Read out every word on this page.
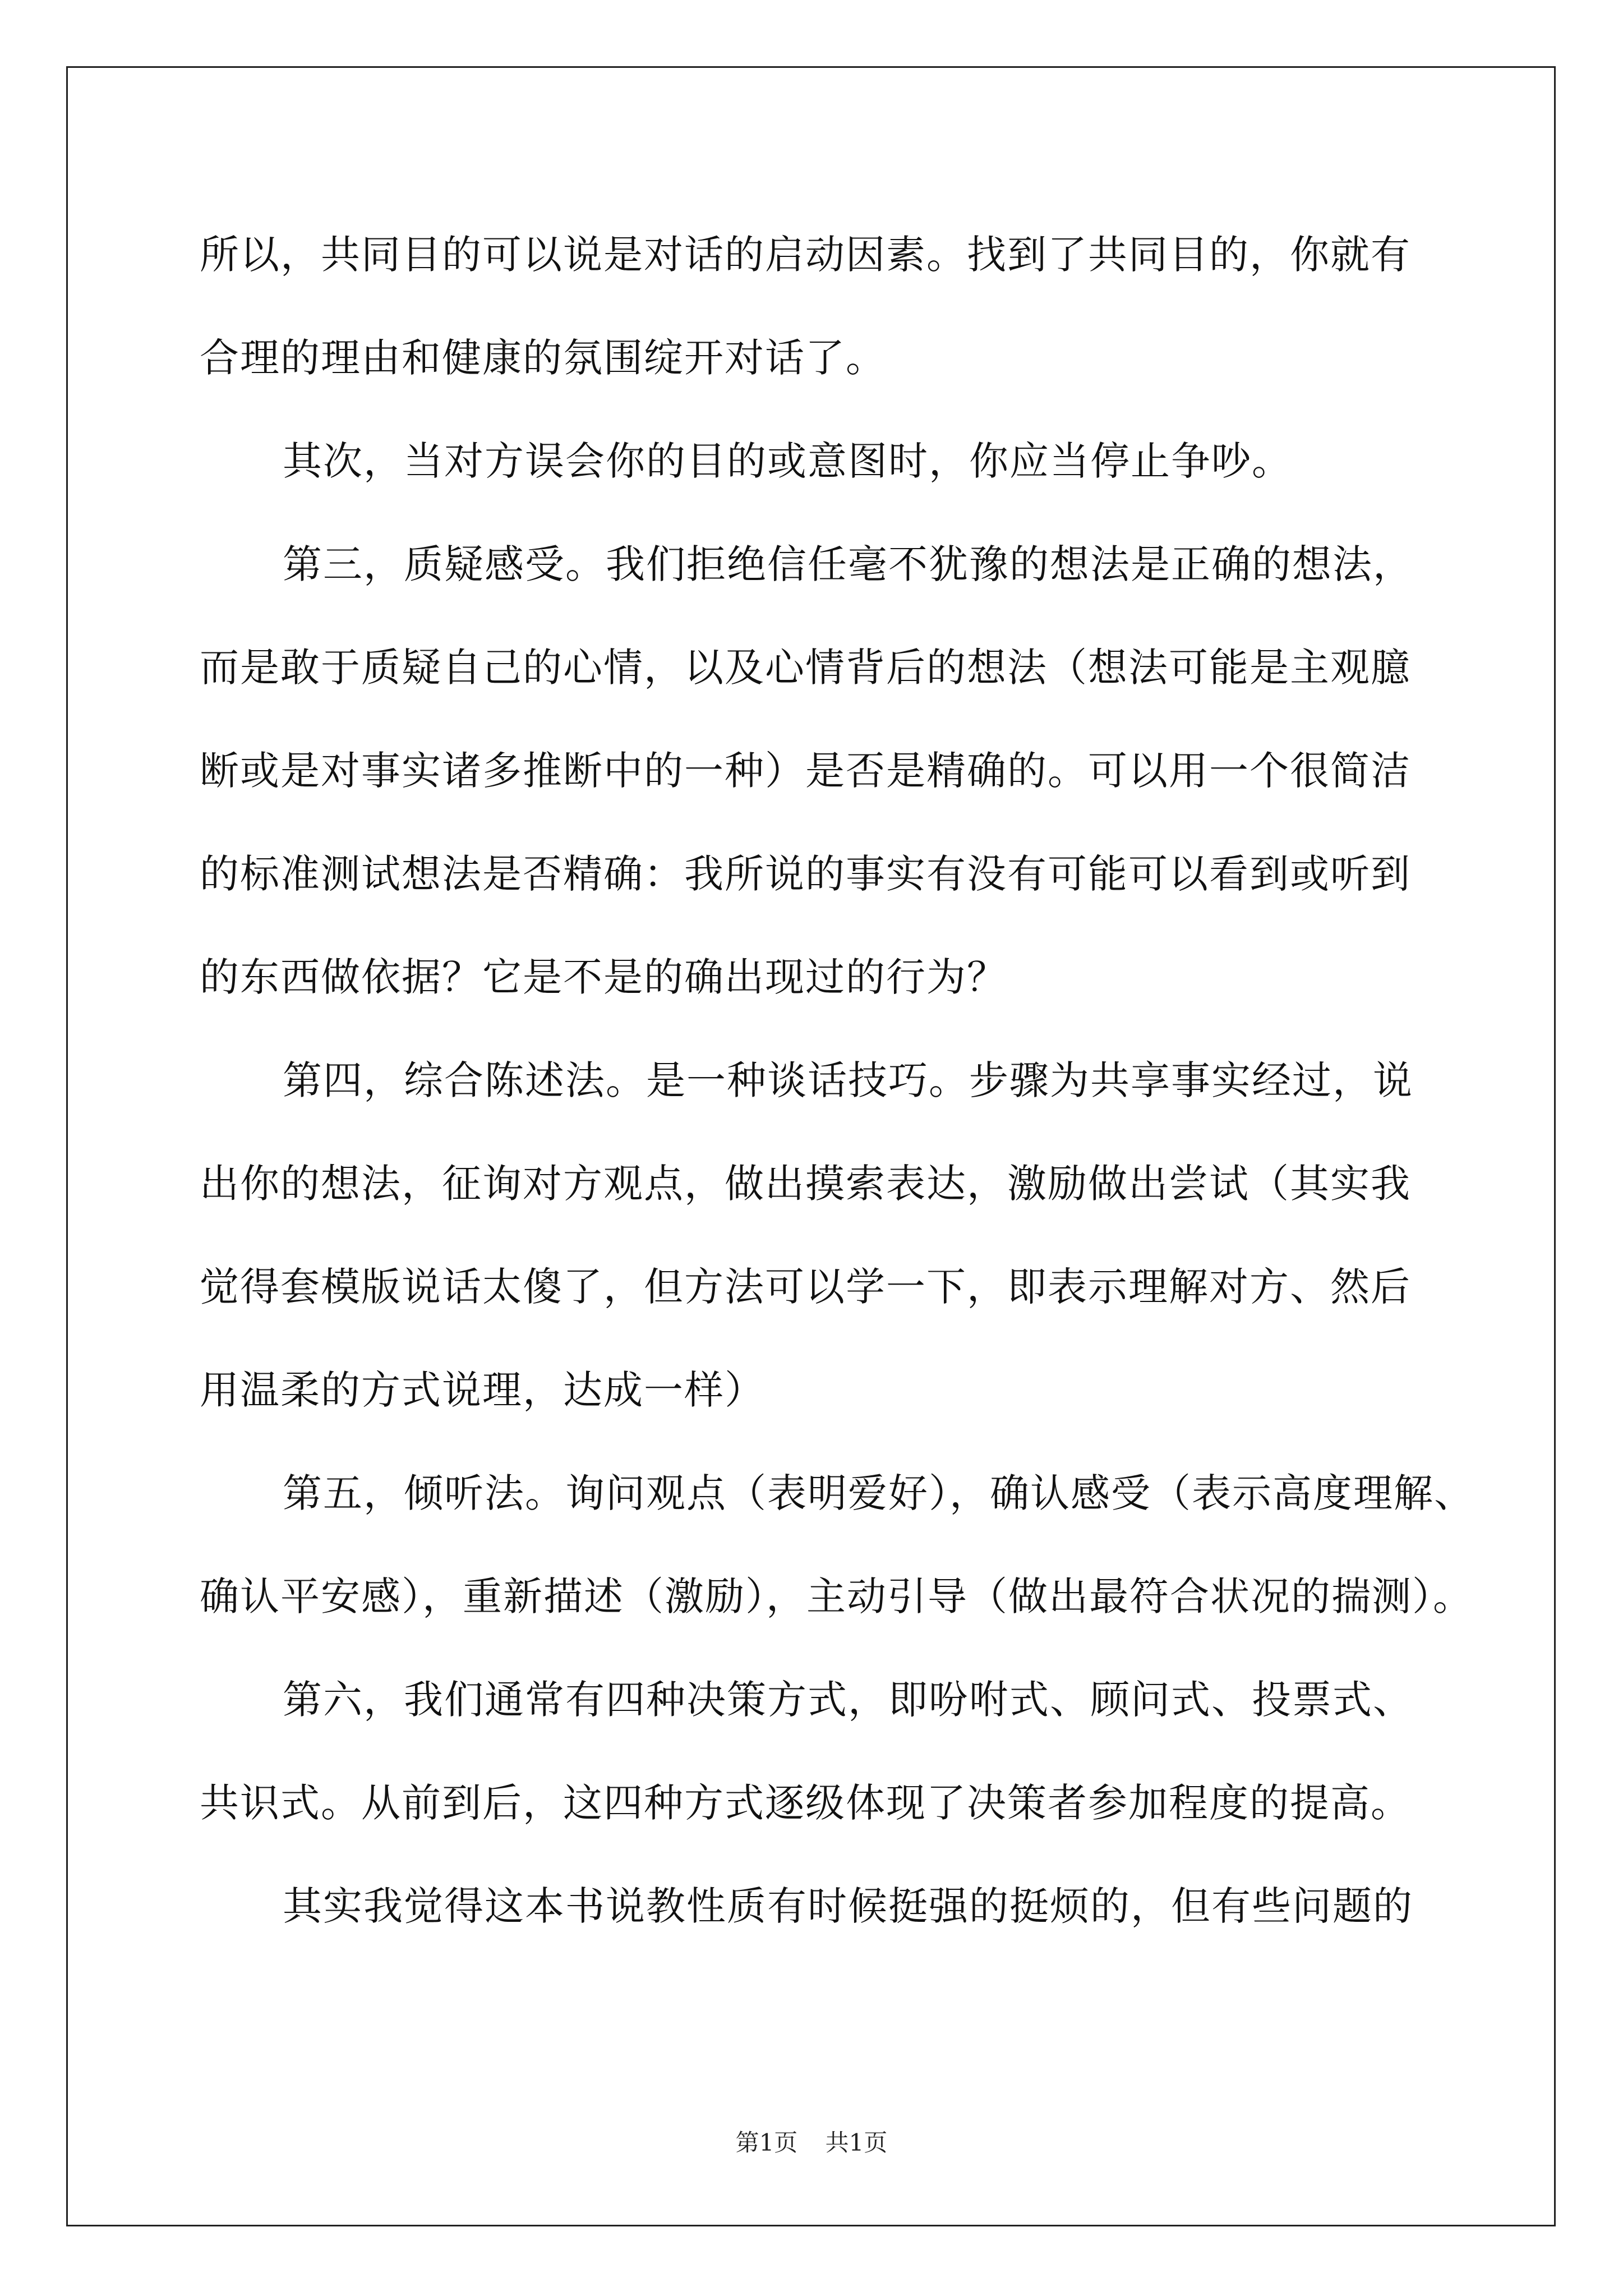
所以，共同目的可以说是对话的启动因素。找到了共同目的，你就有
合理的理由和健康的氛围绽开对话了。
其次，当对方误会你的目的或意图时，你应当停止争吵。
第三，质疑感受。我们拒绝信任毫不犹豫的想法是正确的想法，
而是敢于质疑自己的心情，以及心情背后的想法（想法可能是主观臆
断或是对事实诸多推断中的一种）是否是精确的。可以用一个很简洁
的标准测试想法是否精确：我所说的事实有没有可能可以看到或听到
的东西做依据？它是不是的确出现过的行为？
第四，综合陈述法。是一种谈话技巧。步骤为共享事实经过，说
出你的想法，征询对方观点，做出摸索表达，激励做出尝试（其实我
觉得套模版说话太傻了，但方法可以学一下，即表示理解对方、然后
用温柔的方式说理，达成一样）
第五，倾听法。询问观点（表明爱好），确认感受（表示高度理解、
确认平安感），重新描述（激励），主动引导（做出最符合状况的揣测）。
第六，我们通常有四种决策方式，即吩咐式、顾问式、投票式、
共识式。从前到后，这四种方式逐级体现了决策者参加程度的提高。
其实我觉得这本书说教性质有时候挺强的挺烦的，但有些问题的
第1页 共1页
